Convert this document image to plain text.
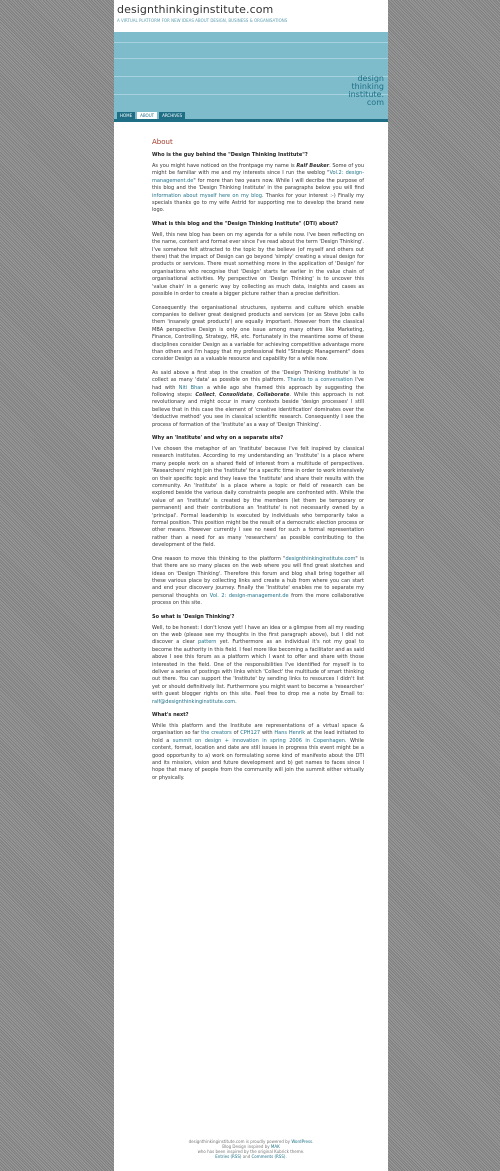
designthinkinginstitute.com
A VIRTUAL PLATFORM FOR NEW IDEAS ABOUT DESIGN, BUSINESS & ORGANISATIONS
design
thinking
institute.
com
HOME	ABOUT	ARCHIVES
About
Who is the guy behind the "Design Thinking Institute"?

As you might have noticed on the frontpage my name is Ralf Beuker. Some of you might be familiar with me and my interests since I run the weblog "Vol.2: design-management.de" for more than two years now. While I will decribe the purpose of this blog and the 'Design Thinking Institute' in the paragraphs below you will find information about myself here on my blog. Thanks for your interest :-) Finally my specials thanks go to my wife Astrid for supporting me to develop the brand new logo.

What is this blog and the "Design Thinking Institute" (DTI) about?

Well, this new blog has been on my agenda for a while now. I've been reflecting on the name, content and format ever since I've read about the term 'Design Thinking'. I've somehow felt attracted to the topic by the believe (of myself and others out there) that the impact of Design can go beyond 'simply' creating a visual design for products or services. There must something more in the application of 'Design' for organisations who recognise that 'Design' starts far earlier in the value chain of organisational activities. My perspective on 'Design Thinking' is to uncover this 'value chain' in a generic way by collecting as much data, insights and cases as possible in order to create a bigger picture rather than a precise definition.

Consequently the organisational structures, systems and culture which enable companies to deliver great designed products and services (or as Steve Jobs calls them 'insanely great products') are equally important. However from the classical MBA perspective Design is only one issue among many others like Marketing, Finance, Controlling, Strategy, HR, etc. Fortunately in the meantime some of these disciplines consider Design as a variable for achieving competitive advantage more than others and I'm happy that my professional field "Strategic Management" does consider Design as a valuable resource and capability for a while now.

As said above a first step in the creation of the 'Design Thinking Institute' is to collect as many 'data' as possible on this platform. Thanks to a conversation I've had with Niti Bhan a while ago she framed this approach by suggesting the following steps: Collect, Consolidate, Collaborate. While this approach is not revolutionary and might occur in many contexts beside 'design processes' I still believe that in this case the element of 'creative identification' dominates over the 'deductive method' you see in classical scientific research. Consequently I see the process of formation of the 'Institute' as a way of 'Design Thinking'.

Why an 'Institute' and why on a separate site?

I've chosen the metaphor of an 'Institute' because I've felt inspired by classical research institutes. According to my understanding an 'Institute' is a place where many people work on a shared field of interest from a multitude of perspectives. 'Researchers' might join the 'Institute' for a specific time in order to work intensively on their specific topic and they leave the 'Institute' and share their results with the community. An 'Institute' is a place where a topic or field of research can be explored beside the various daily constraints people are confronted with. While the value of an 'Institute' is created by the members (let them be temporary or permanent) and their contributions an 'Institute' is not necessarily owned by a 'principal'. Formal leadership is executed by individuals who temporarily take a formal position. This position might be the result of a democratic election process or other means. However currently I see no need for such a formal representation rather than a need for as many 'researchers' as possible contributing to the development of the field.

One reason to move this thinking to the platform "designthinkinginstitute.com" is that there are so many places on the web where you will find great sketches and ideas on 'Design Thinking'. Therefore this forum and blog shall bring together all these various place by collecting links and create a hub from where you can start and end your discovery journey. Finally the 'Institute' enables me to separate my personal thoughts on Vol. 2: design-management.de from the more collaborative process on this site.

So what is 'Design Thinking'?

Well, to be honest: I don't know yet! I have an idea or a glimpse from all my reading on the web (please see my thoughts in the first paragraph above), but I did not discover a clear pattern yet. Furthermore as an individual it's not my goal to become the authority in this field. I feel more like becoming a facilitator and as said above I see this forum as a platform which I want to offer and share with those interested in the field. One of the responsibilities I've identified for myself is to deliver a series of postings with links which 'Collect' the multitude of smart thinking out there. You can support the 'Institute' by sending links to resources I didn't list yet or should definitively list. Furthermore you might want to become a 'researcher' with guest blogger rights on this site. Feel free to drop me a note by Email to: ralf@designthinkinginstitute.com.

What's next?

While this platform and the Institute are representations of a virtual space & organisation so far the creators of CPH127 with Hans Henrik at the lead initiated to hold a summit on design + innovation in spring 2006 in Copenhagen. While content, format, location and date are still issues in progress this event might be a good opportunity to a) work on formulating some kind of manifesto about the DTI and its mission, vision and future development and b) get names to faces since I hope that many of people from the community will join the summit either virtually or physically.

designthinkinginstitute.com is proudly powered by WordPress.
Blog Design inspired by MAK
who has been inspired by the original Kubrick theme.
Entries (RSS) and Comments (RSS).
